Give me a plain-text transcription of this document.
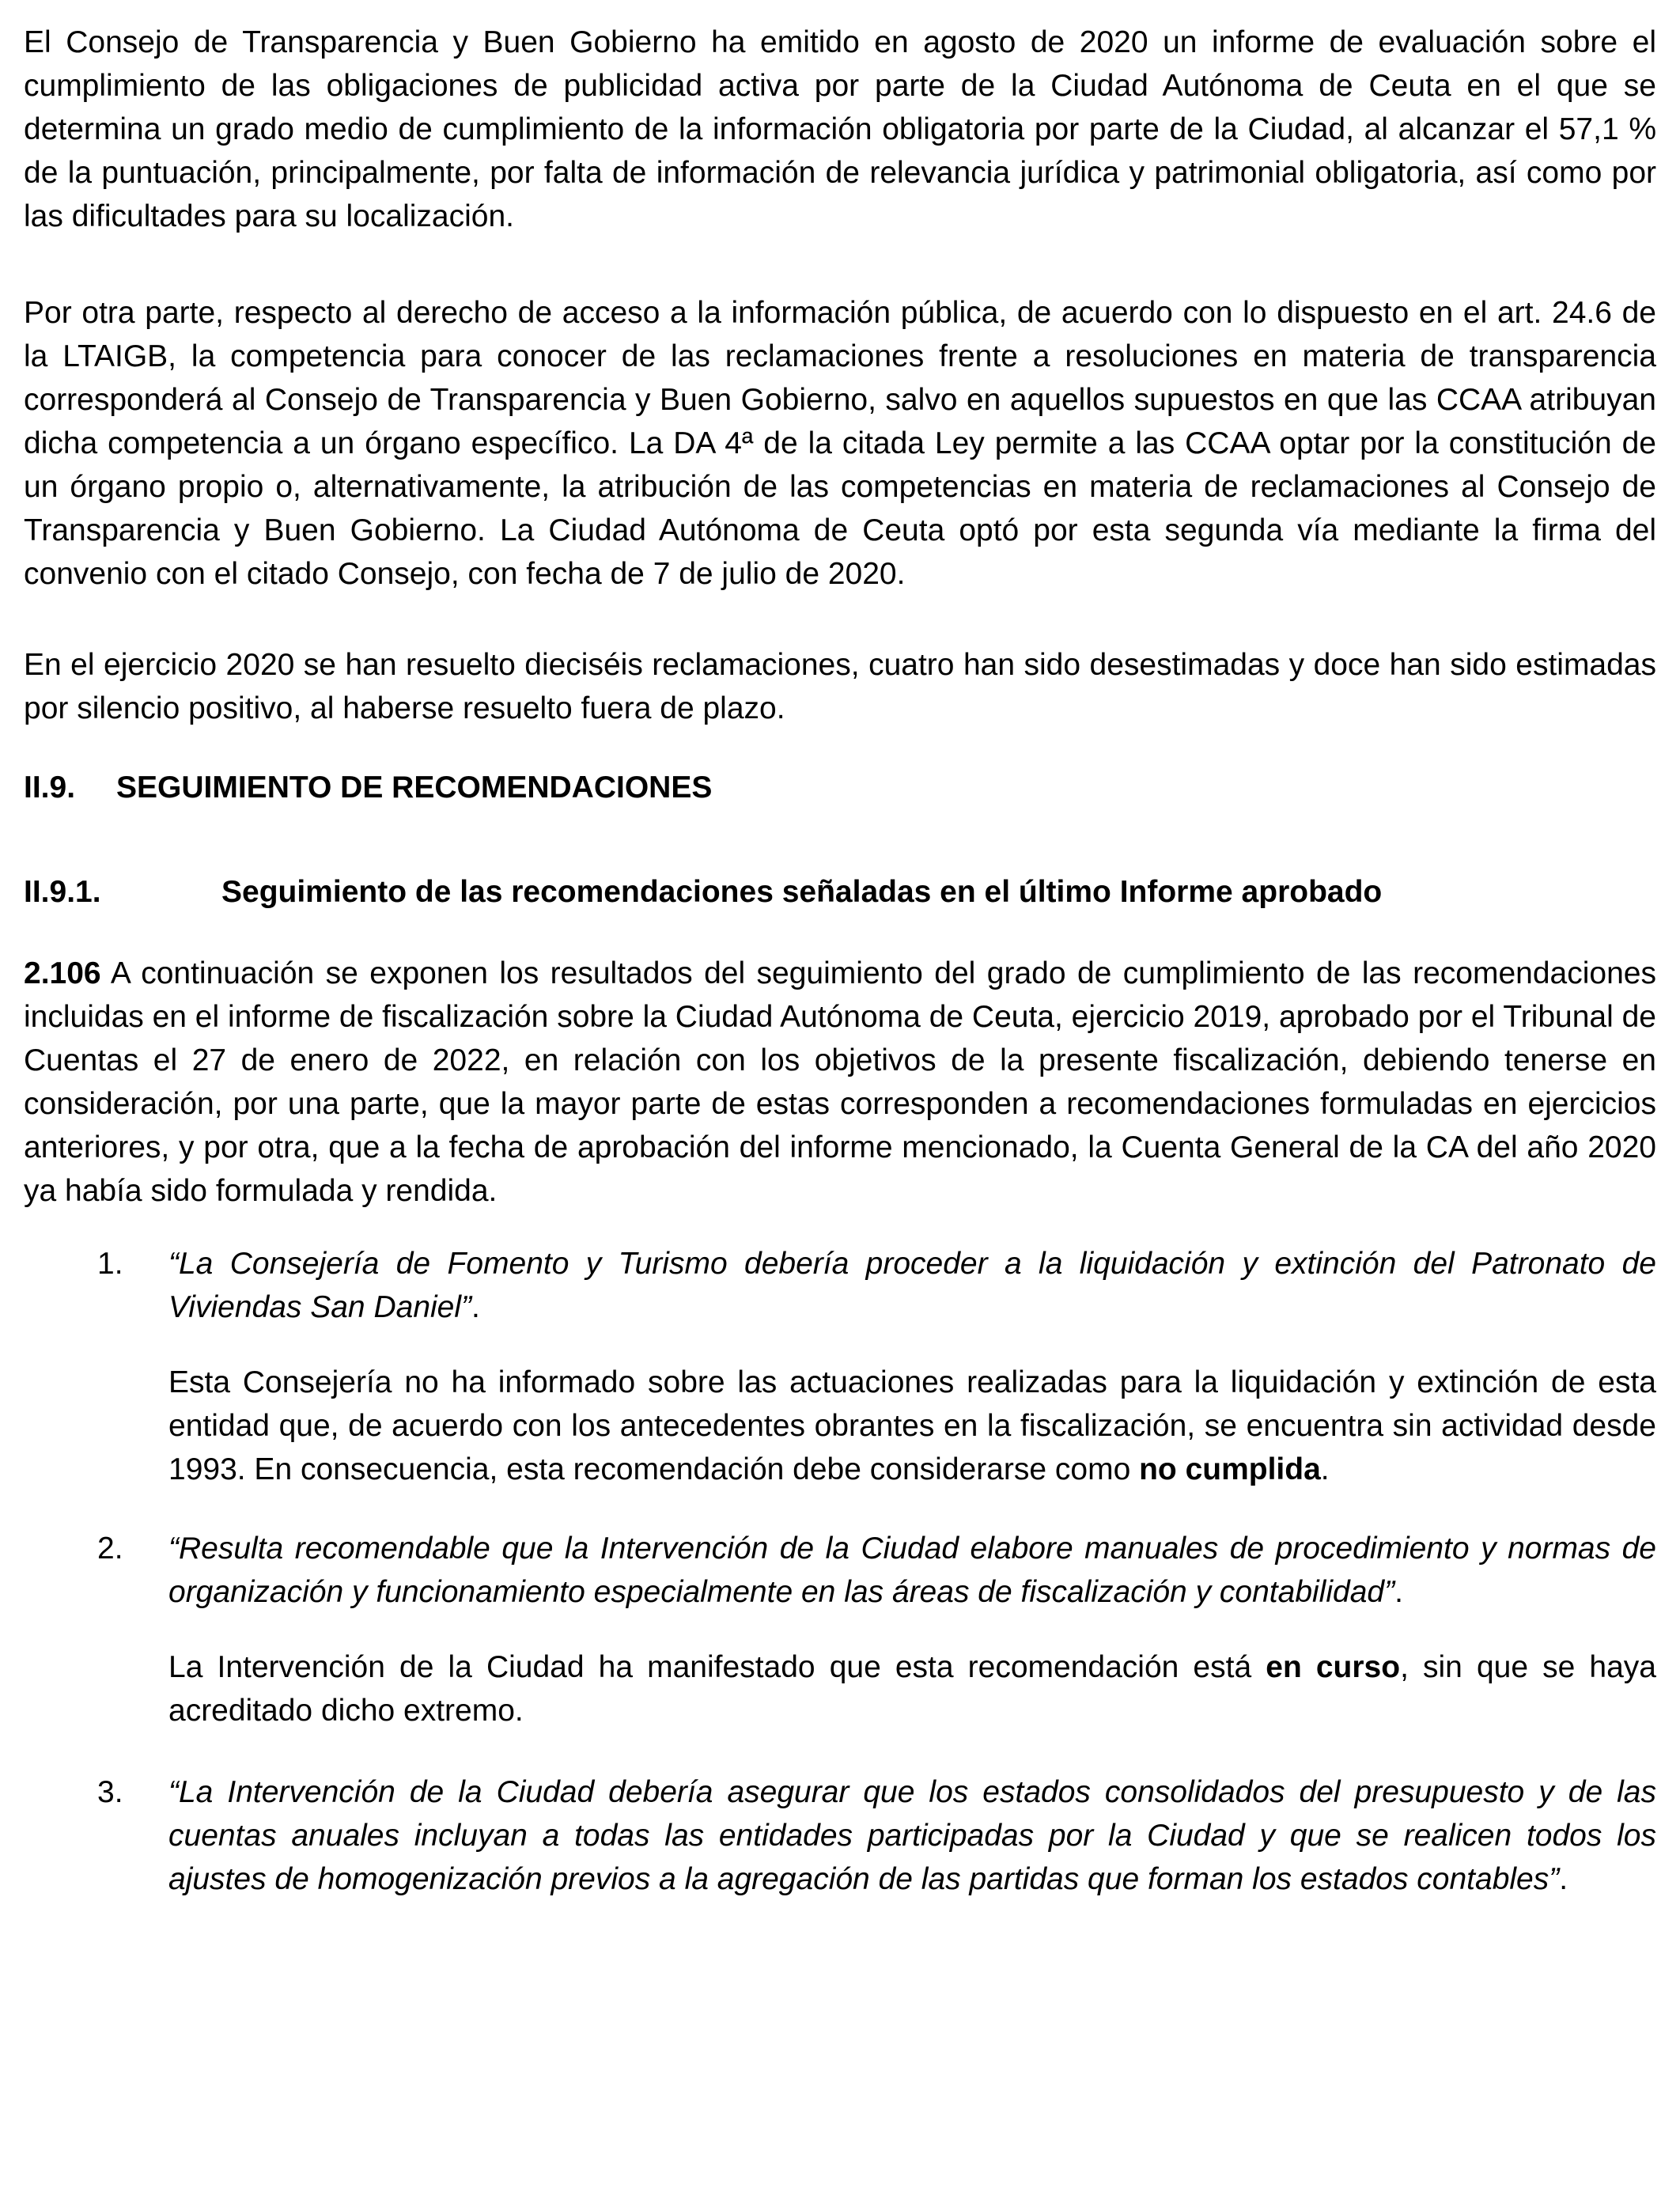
El Consejo de Transparencia y Buen Gobierno ha emitido en agosto de 2020 un informe de evaluación sobre el cumplimiento de las obligaciones de publicidad activa por parte de la Ciudad Autónoma de Ceuta en el que se determina un grado medio de cumplimiento de la información obligatoria por parte de la Ciudad, al alcanzar el 57,1 % de la puntuación, principalmente, por falta de información de relevancia jurídica y patrimonial obligatoria, así como por las dificultades para su localización.

Por otra parte, respecto al derecho de acceso a la información pública, de acuerdo con lo dispuesto en el art. 24.6 de la LTAIGB, la competencia para conocer de las reclamaciones frente a resoluciones en materia de transparencia corresponderá al Consejo de Transparencia y Buen Gobierno, salvo en aquellos supuestos en que las CCAA atribuyan dicha competencia a un órgano específico. La DA 4ª de la citada Ley permite a las CCAA optar por la constitución de un órgano propio o, alternativamente, la atribución de las competencias en materia de reclamaciones al Consejo de Transparencia y Buen Gobierno. La Ciudad Autónoma de Ceuta optó por esta segunda vía mediante la firma del convenio con el citado Consejo, con fecha de 7 de julio de 2020.

En el ejercicio 2020 se han resuelto dieciséis reclamaciones, cuatro han sido desestimadas y doce han sido estimadas por silencio positivo, al haberse resuelto fuera de plazo.

II.9.	SEGUIMIENTO DE RECOMENDACIONES
II.9.1.	Seguimiento de las recomendaciones señaladas en el último Informe aprobado

2.106 A continuación se exponen los resultados del seguimiento del grado de cumplimiento de las recomendaciones incluidas en el informe de fiscalización sobre la Ciudad Autónoma de Ceuta, ejercicio 2019, aprobado por el Tribunal de Cuentas el 27 de enero de 2022, en relación con los objetivos de la presente fiscalización, debiendo tenerse en consideración, por una parte, que la mayor parte de estas corresponden a recomendaciones formuladas en ejercicios anteriores, y por otra, que a la fecha de aprobación del informe mencionado, la Cuenta General de la CA del año 2020 ya había sido formulada y rendida.

1.	“La Consejería de Fomento y Turismo debería proceder a la liquidación y extinción del Patronato de Viviendas San Daniel”.

Esta Consejería no ha informado sobre las actuaciones realizadas para la liquidación y extinción de esta entidad que, de acuerdo con los antecedentes obrantes en la fiscalización, se encuentra sin actividad desde 1993. En consecuencia, esta recomendación debe considerarse como no cumplida.

2.	“Resulta recomendable que la Intervención de la Ciudad elabore manuales de procedimiento y normas de organización y funcionamiento especialmente en las áreas de fiscalización y contabilidad”.

La Intervención de la Ciudad ha manifestado que esta recomendación está en curso, sin que se haya acreditado dicho extremo.

3.	“La Intervención de la Ciudad debería asegurar que los estados consolidados del presupuesto y de las cuentas anuales incluyan a todas las entidades participadas por la Ciudad y que se realicen todos los ajustes de homogenización previos a la agregación de las partidas que forman los estados contables”.
